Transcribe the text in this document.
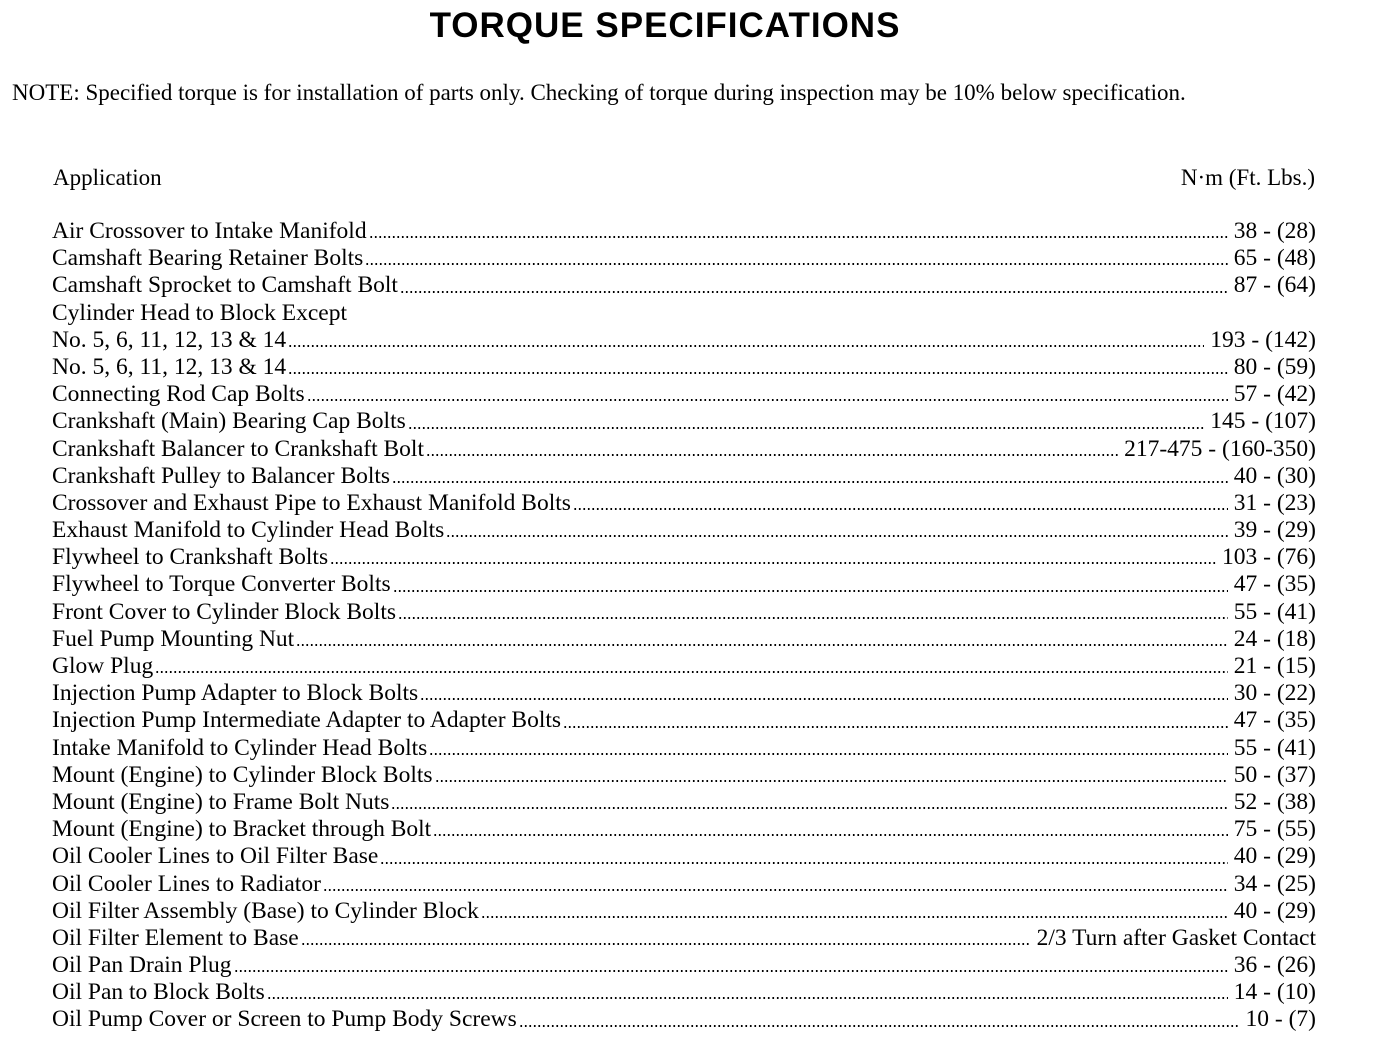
TORQUE SPECIFICATIONS

NOTE: Specified torque is for installation of parts only. Checking of torque during inspection may be 10% below specification.

Application	N·m (Ft. Lbs.)
Air Crossover to Intake Manifold	38 - (28)
Camshaft Bearing Retainer Bolts	65 - (48)
Camshaft Sprocket to Camshaft Bolt	87 - (64)
Cylinder Head to Block Except
No. 5, 6, 11, 12, 13 & 14	193 - (142)
No. 5, 6, 11, 12, 13 & 14	80 - (59)
Connecting Rod Cap Bolts	57 - (42)
Crankshaft (Main) Bearing Cap Bolts	145 - (107)
Crankshaft Balancer to Crankshaft Bolt	217-475 - (160-350)
Crankshaft Pulley to Balancer Bolts	40 - (30)
Crossover and Exhaust Pipe to Exhaust Manifold Bolts	31 - (23)
Exhaust Manifold to Cylinder Head Bolts	39 - (29)
Flywheel to Crankshaft Bolts	103 - (76)
Flywheel to Torque Converter Bolts	47 - (35)
Front Cover to Cylinder Block Bolts	55 - (41)
Fuel Pump Mounting Nut	24 - (18)
Glow Plug	21 - (15)
Injection Pump Adapter to Block Bolts	30 - (22)
Injection Pump Intermediate Adapter to Adapter Bolts	47 - (35)
Intake Manifold to Cylinder Head Bolts	55 - (41)
Mount (Engine) to Cylinder Block Bolts	50 - (37)
Mount (Engine) to Frame Bolt Nuts	52 - (38)
Mount (Engine) to Bracket through Bolt	75 - (55)
Oil Cooler Lines to Oil Filter Base	40 - (29)
Oil Cooler Lines to Radiator	34 - (25)
Oil Filter Assembly (Base) to Cylinder Block	40 - (29)
Oil Filter Element to Base	2/3 Turn after Gasket Contact
Oil Pan Drain Plug	36 - (26)
Oil Pan to Block Bolts	14 - (10)
Oil Pump Cover or Screen to Pump Body Screws	10 - (7)
